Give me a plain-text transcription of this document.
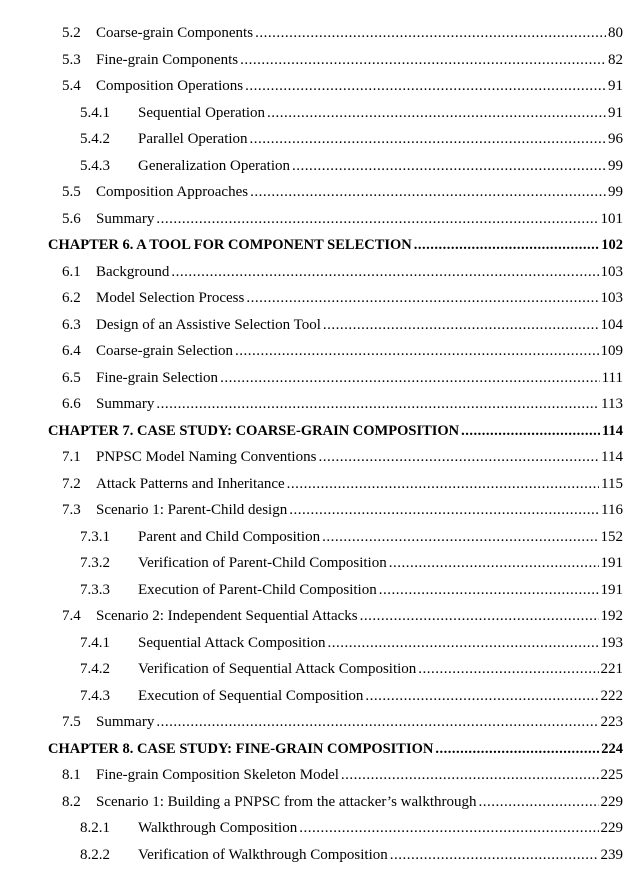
5.2 Coarse-grain Components .....	80
5.3 Fine-grain Components .....	82
5.4 Composition Operations .....	91
5.4.1 Sequential Operation .....	91
5.4.2 Parallel Operation .....	96
5.4.3 Generalization Operation .....	99
5.5 Composition Approaches .....	99
5.6 Summary .....	101
CHAPTER 6. A TOOL FOR COMPONENT SELECTION .....	102
6.1 Background .....	103
6.2 Model Selection Process .....	103
6.3 Design of an Assistive Selection Tool .....	104
6.4 Coarse-grain Selection .....	109
6.5 Fine-grain Selection .....	111
6.6 Summary .....	113
CHAPTER 7. CASE STUDY: COARSE-GRAIN COMPOSITION .....	114
7.1 PNPSC Model Naming Conventions .....	114
7.2 Attack Patterns and Inheritance .....	115
7.3 Scenario 1: Parent-Child design .....	116
7.3.1 Parent and Child Composition .....	152
7.3.2 Verification of Parent-Child Composition .....	191
7.3.3 Execution of Parent-Child Composition .....	191
7.4 Scenario 2: Independent Sequential Attacks .....	192
7.4.1 Sequential Attack Composition .....	193
7.4.2 Verification of Sequential Attack Composition .....	221
7.4.3 Execution of Sequential Composition .....	222
7.5 Summary .....	223
CHAPTER 8. CASE STUDY: FINE-GRAIN COMPOSITION .....	224
8.1 Fine-grain Composition Skeleton Model .....	225
8.2 Scenario 1: Building a PNPSC from the attacker’s walkthrough .....	229
8.2.1 Walkthrough Composition .....	229
8.2.2 Verification of Walkthrough Composition .....	239
